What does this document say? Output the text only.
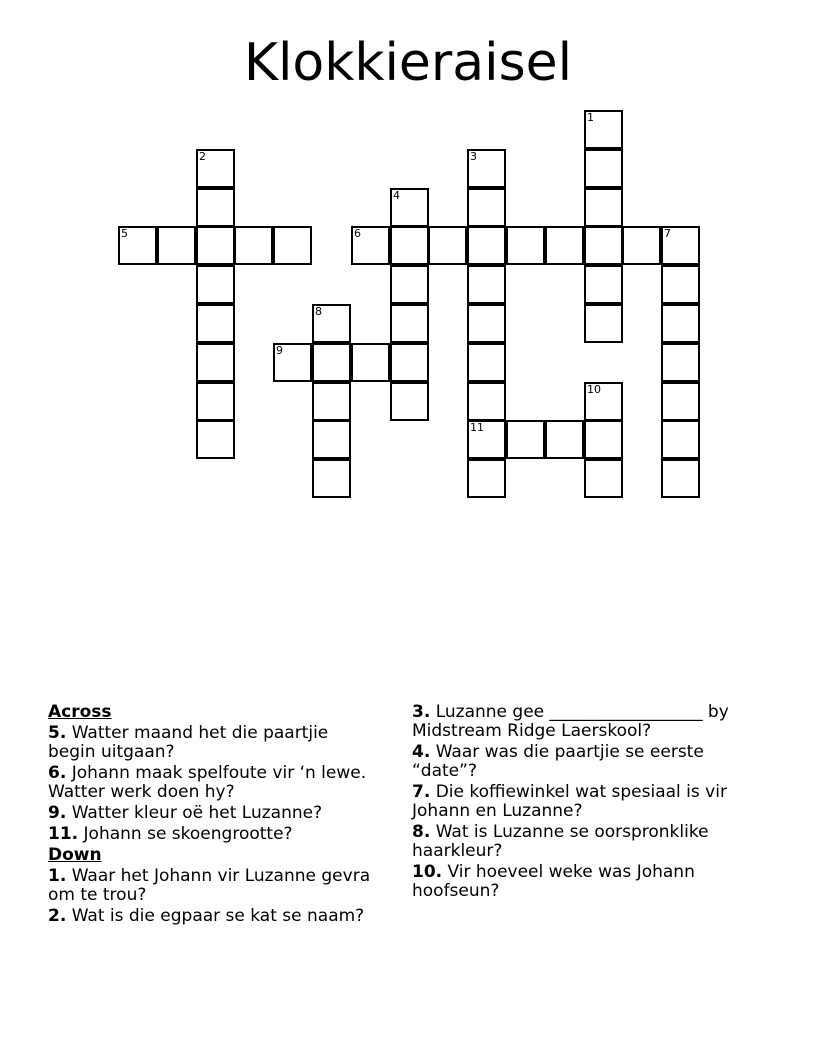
Klokkieraisel
1
2	3
11
4
5	6	7
8
9
10
Across
5. Watter maand het die paartjie begin uitgaan?
6. Johann maak spelfoute vir ‘n lewe. Watter werk doen hy?
9. Watter kleur oë het Luzanne?
11. Johann se skoengrootte?
Down
1. Waar het Johann vir Luzanne gevra om te trou?
2. Wat is die egpaar se kat se naam?
3. Luzanne gee __________________ by Midstream Ridge Laerskool?
4. Waar was die paartjie se eerste “date”?
7. Die koffiewinkel wat spesiaal is vir Johann en Luzanne?
8. Wat is Luzanne se oorspronklike haarkleur?
10. Vir hoeveel weke was Johann hoofseun?
